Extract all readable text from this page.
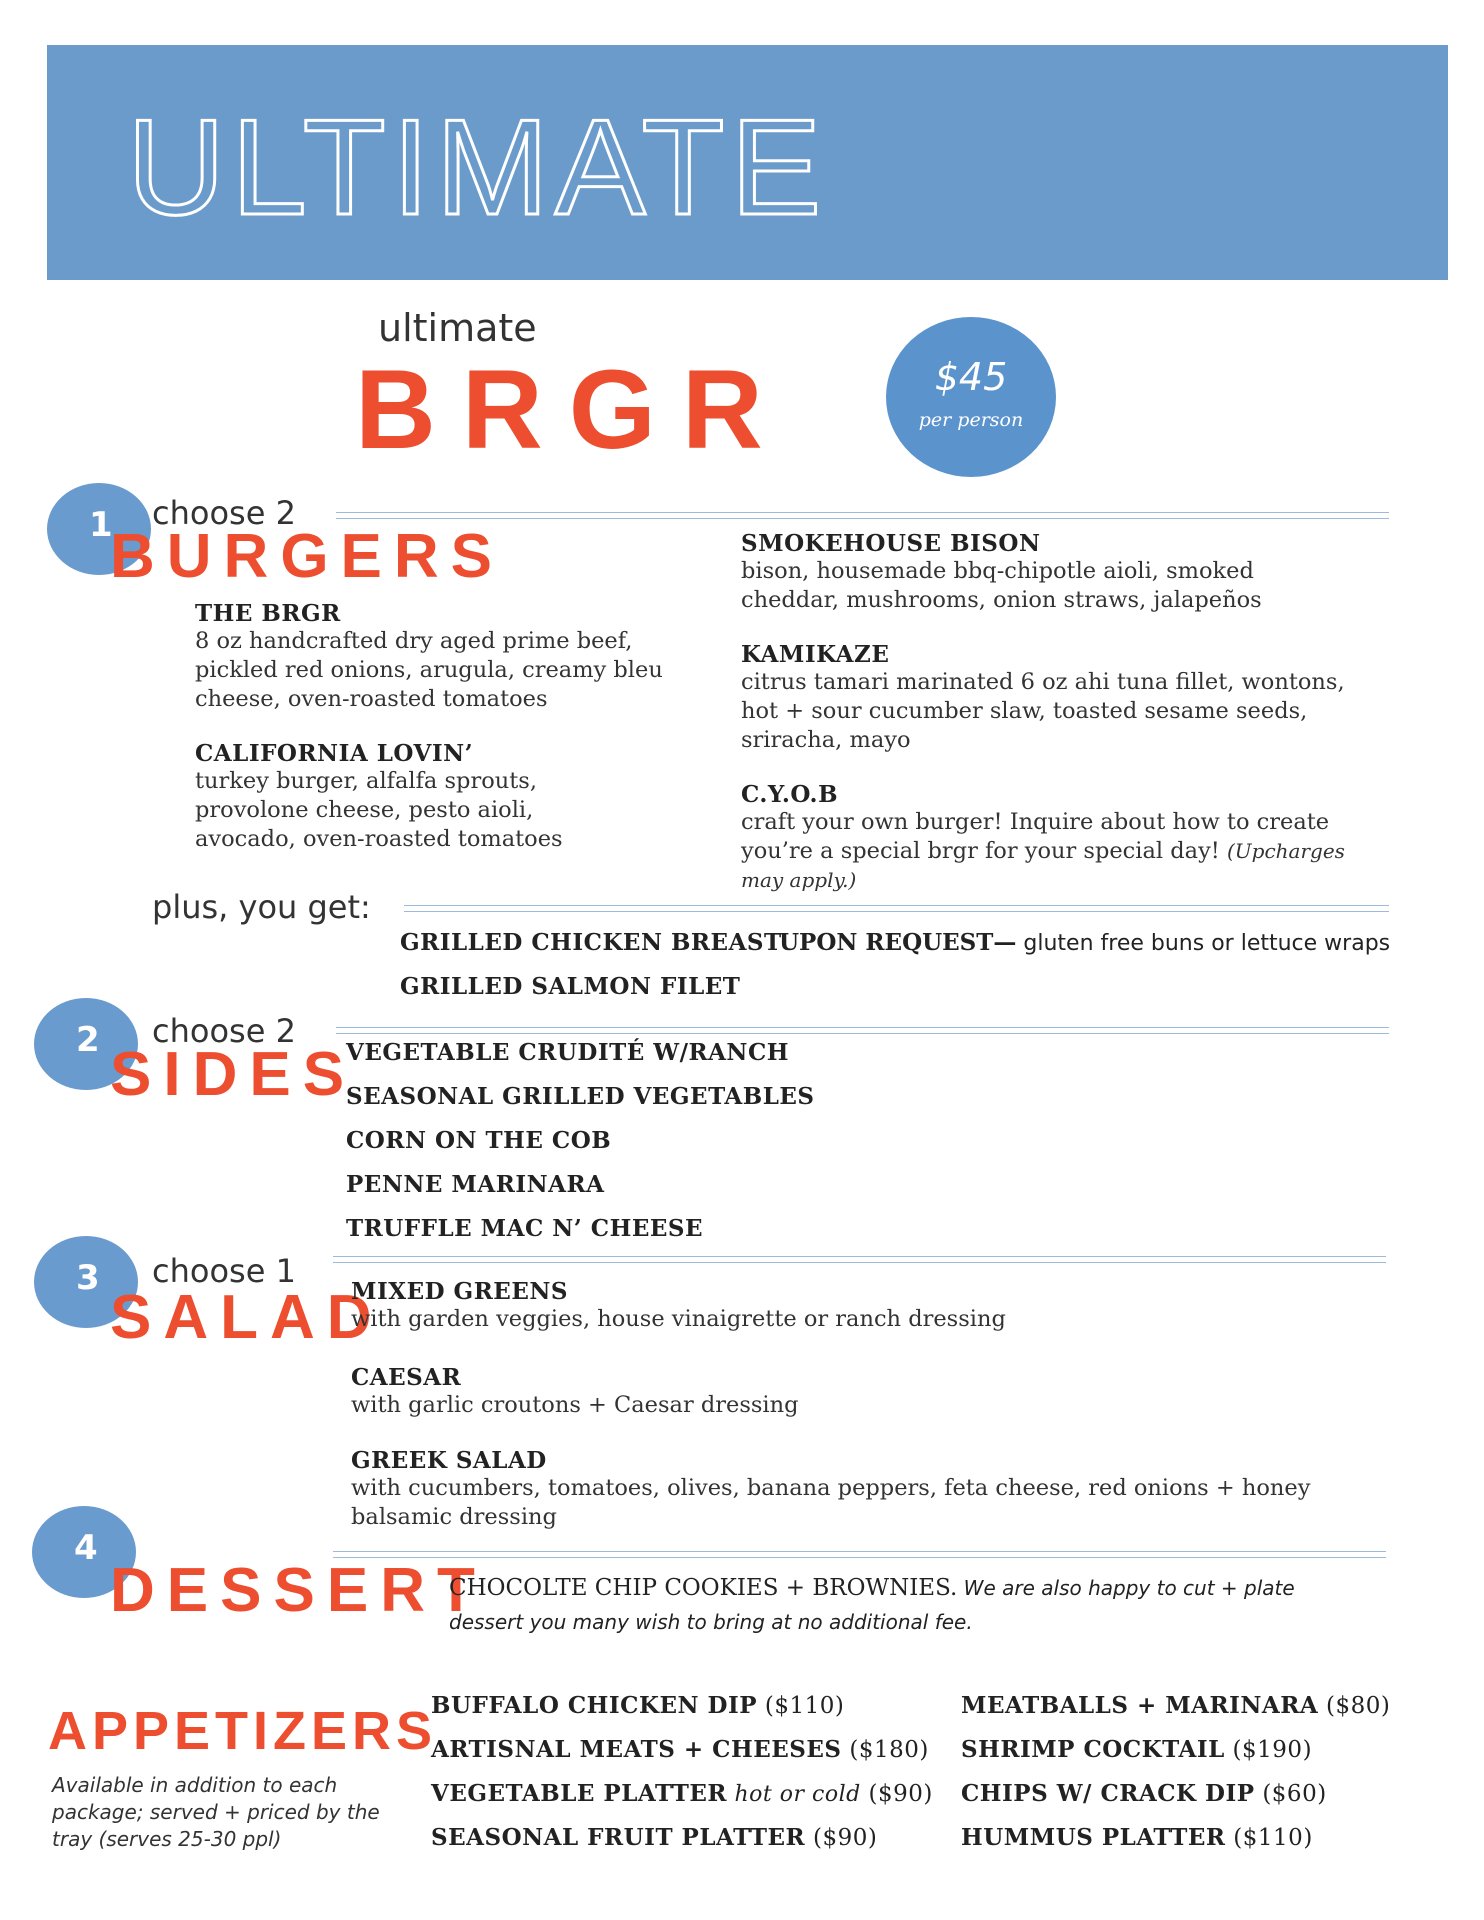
ULTIMATE
ultimate
BRGR	$45
per person
1 choose 2
BURGERS
THE BRGR
8 oz handcrafted dry aged prime beef,
pickled red onions, arugula, creamy bleu
cheese, oven-roasted tomatoes
CALIFORNIA LOVIN’
turkey burger, alfalfa sprouts,
provolone cheese, pesto aioli,
avocado, oven-roasted tomatoes
SMOKEHOUSE BISON
bison, housemade bbq-chipotle aioli, smoked
cheddar, mushrooms, onion straws, jalapeños
KAMIKAZE
citrus tamari marinated 6 oz ahi tuna fillet, wontons,
hot + sour cucumber slaw, toasted sesame seeds,
sriracha, mayo
C.Y.O.B
craft your own burger! Inquire about how to create
you’re a special brgr for your special day! (Upcharges
may apply.)
plus, you get:
GRILLED CHICKEN BREAST
GRILLED SALMON FILET
UPON REQUEST— gluten free buns or lettuce wraps
2 choose 2
SIDES
VEGETABLE CRUDITÉ W/RANCH
SEASONAL GRILLED VEGETABLES
CORN ON THE COB
PENNE MARINARA
TRUFFLE MAC N’ CHEESE
3 choose 1
SALAD
MIXED GREENS
with garden veggies, house vinaigrette or ranch dressing
CAESAR
with garlic croutons + Caesar dressing
GREEK SALAD
with cucumbers, tomatoes, olives, banana peppers, feta cheese, red onions + honey
balsamic dressing
4
DESSERT
CHOCOLTE CHIP COOKIES + BROWNIES. We are also happy to cut + plate
dessert you many wish to bring at no additional fee.
APPETIZERS
Available in addition to each package; served + priced by the tray (serves 25-30 ppl)
BUFFALO CHICKEN DIP ($110)
ARTISNAL MEATS + CHEESES ($180)
VEGETABLE PLATTER hot or cold ($90)
SEASONAL FRUIT PLATTER ($90)
MEATBALLS + MARINARA ($80)
SHRIMP COCKTAIL ($190)
CHIPS W/ CRACK DIP ($60)
HUMMUS PLATTER ($110)
